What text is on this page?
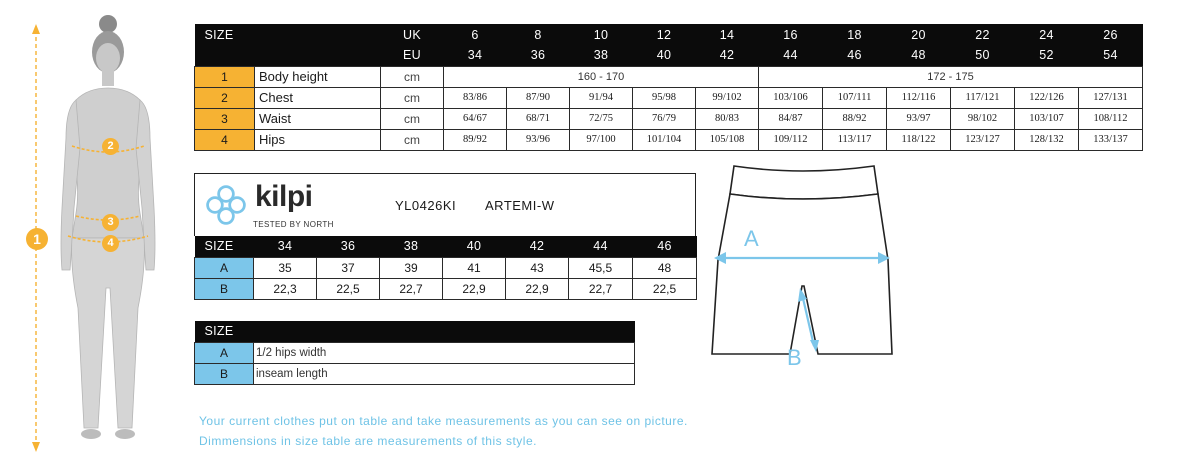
1
2
3
4
SIZE		UK	6	8	10	12	14	16	18	20	22	24	26
		EU	34	36	38	40	42	44	46	48	50	52	54
1	Body height	cm	160 - 170					172 - 175					
2	Chest	cm	83/86	87/90	91/94	95/98	99/102	103/106	107/111	112/116	117/121	122/126	127/131
3	Waist	cm	64/67	68/71	72/75	76/79	80/83	84/87	88/92	93/97	98/102	103/107	108/112
4	Hips	cm	89/92	93/96	97/100	101/104	105/108	109/112	113/117	118/122	123/127	128/132	133/137
kilpi
TESTED BY NORTH
YL0426KI ARTEMI-W
SIZE	34	36	38	40	42	44	46
A	35	37	39	41	43	45,5	48
B	22,3	22,5	22,7	22,9	22,9	22,7	22,5
SIZE	
A	1/2 hips width
B	inseam length
A
B
Your current clothes put on table and take measurements as you can see on picture.
Dimmensions in size table are measurements of this style.
